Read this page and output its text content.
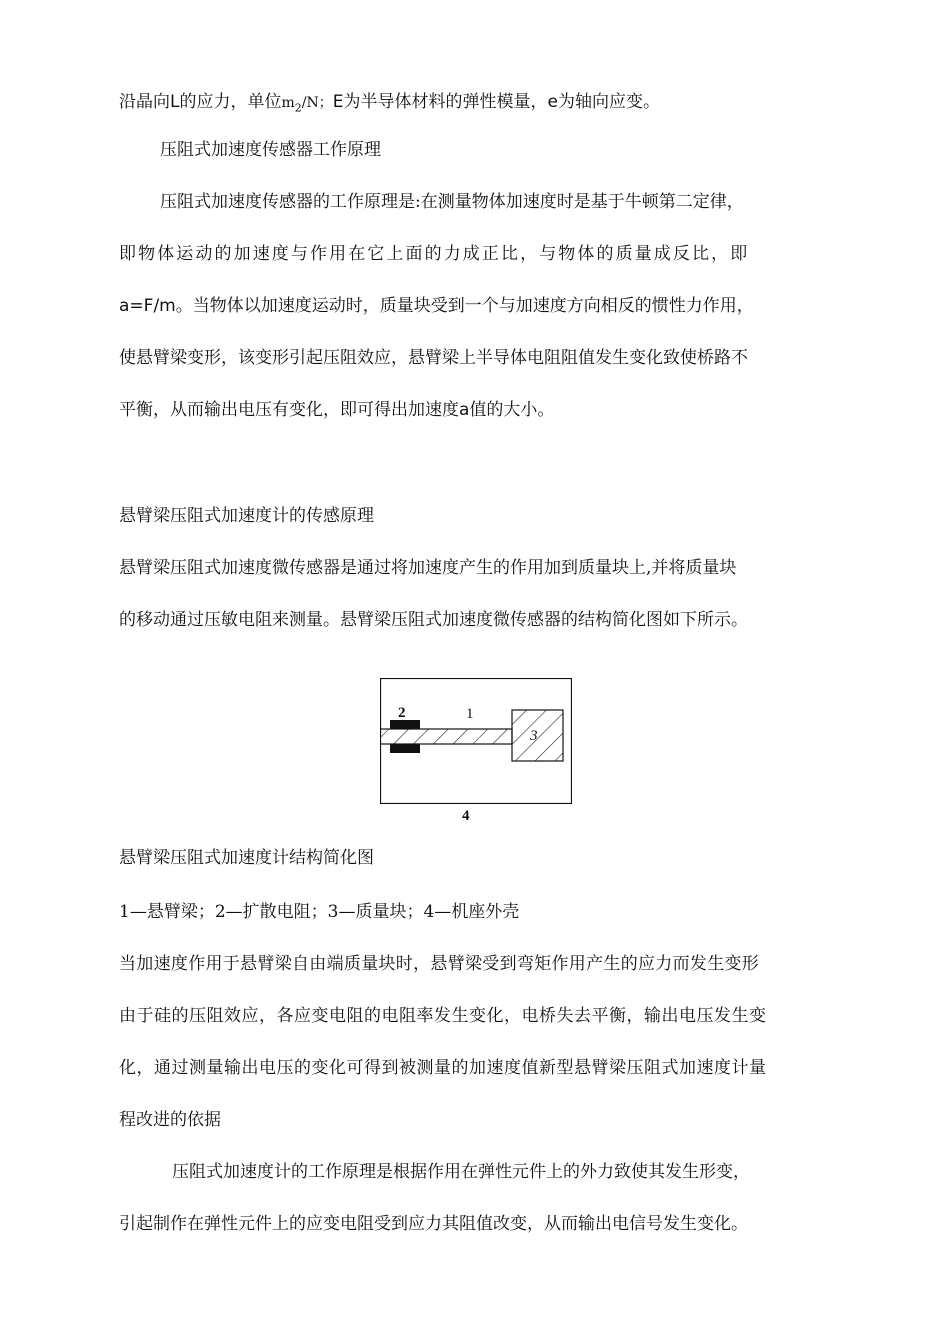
沿晶向L的应力，单位$m_2/N$；E为半导体材料的弹性模量，e为轴向应变。
压阻式加速度传感器工作原理
压阻式加速度传感器的工作原理是:在测量物体加速度时是基于牛顿第二定律，
即物体运动的加速度与作用在它上面的力成正比，与物体的质量成反比，即
a=F/m。当物体以加速度运动时，质量块受到一个与加速度方向相反的惯性力作用，
使悬臂梁变形，该变形引起压阻效应，悬臂梁上半导体电阻阻值发生变化致使桥路不
平衡，从而输出电压有变化，即可得出加速度a值的大小。
悬臂梁压阻式加速度计的传感原理
悬臂梁压阻式加速度微传感器是通过将加速度产生的作用加到质量块上,并将质量块
的移动通过压敏电阻来测量。悬臂梁压阻式加速度微传感器的结构简化图如下所示。
2	1
3
4
悬臂梁压阻式加速度计结构简化图
1—悬臂梁；2—扩散电阻；3—质量块；4—机座外壳
当加速度作用于悬臂梁自由端质量块时，悬臂梁受到弯矩作用产生的应力而发生变形
由于硅的压阻效应，各应变电阻的电阻率发生变化，电桥失去平衡，输出电压发生变
化，通过测量输出电压的变化可得到被测量的加速度值新型悬臂梁压阻式加速度计量
程改进的依据
压阻式加速度计的工作原理是根据作用在弹性元件上的外力致使其发生形变，
引起制作在弹性元件上的应变电阻受到应力其阻值改变，从而输出电信号发生变化。
